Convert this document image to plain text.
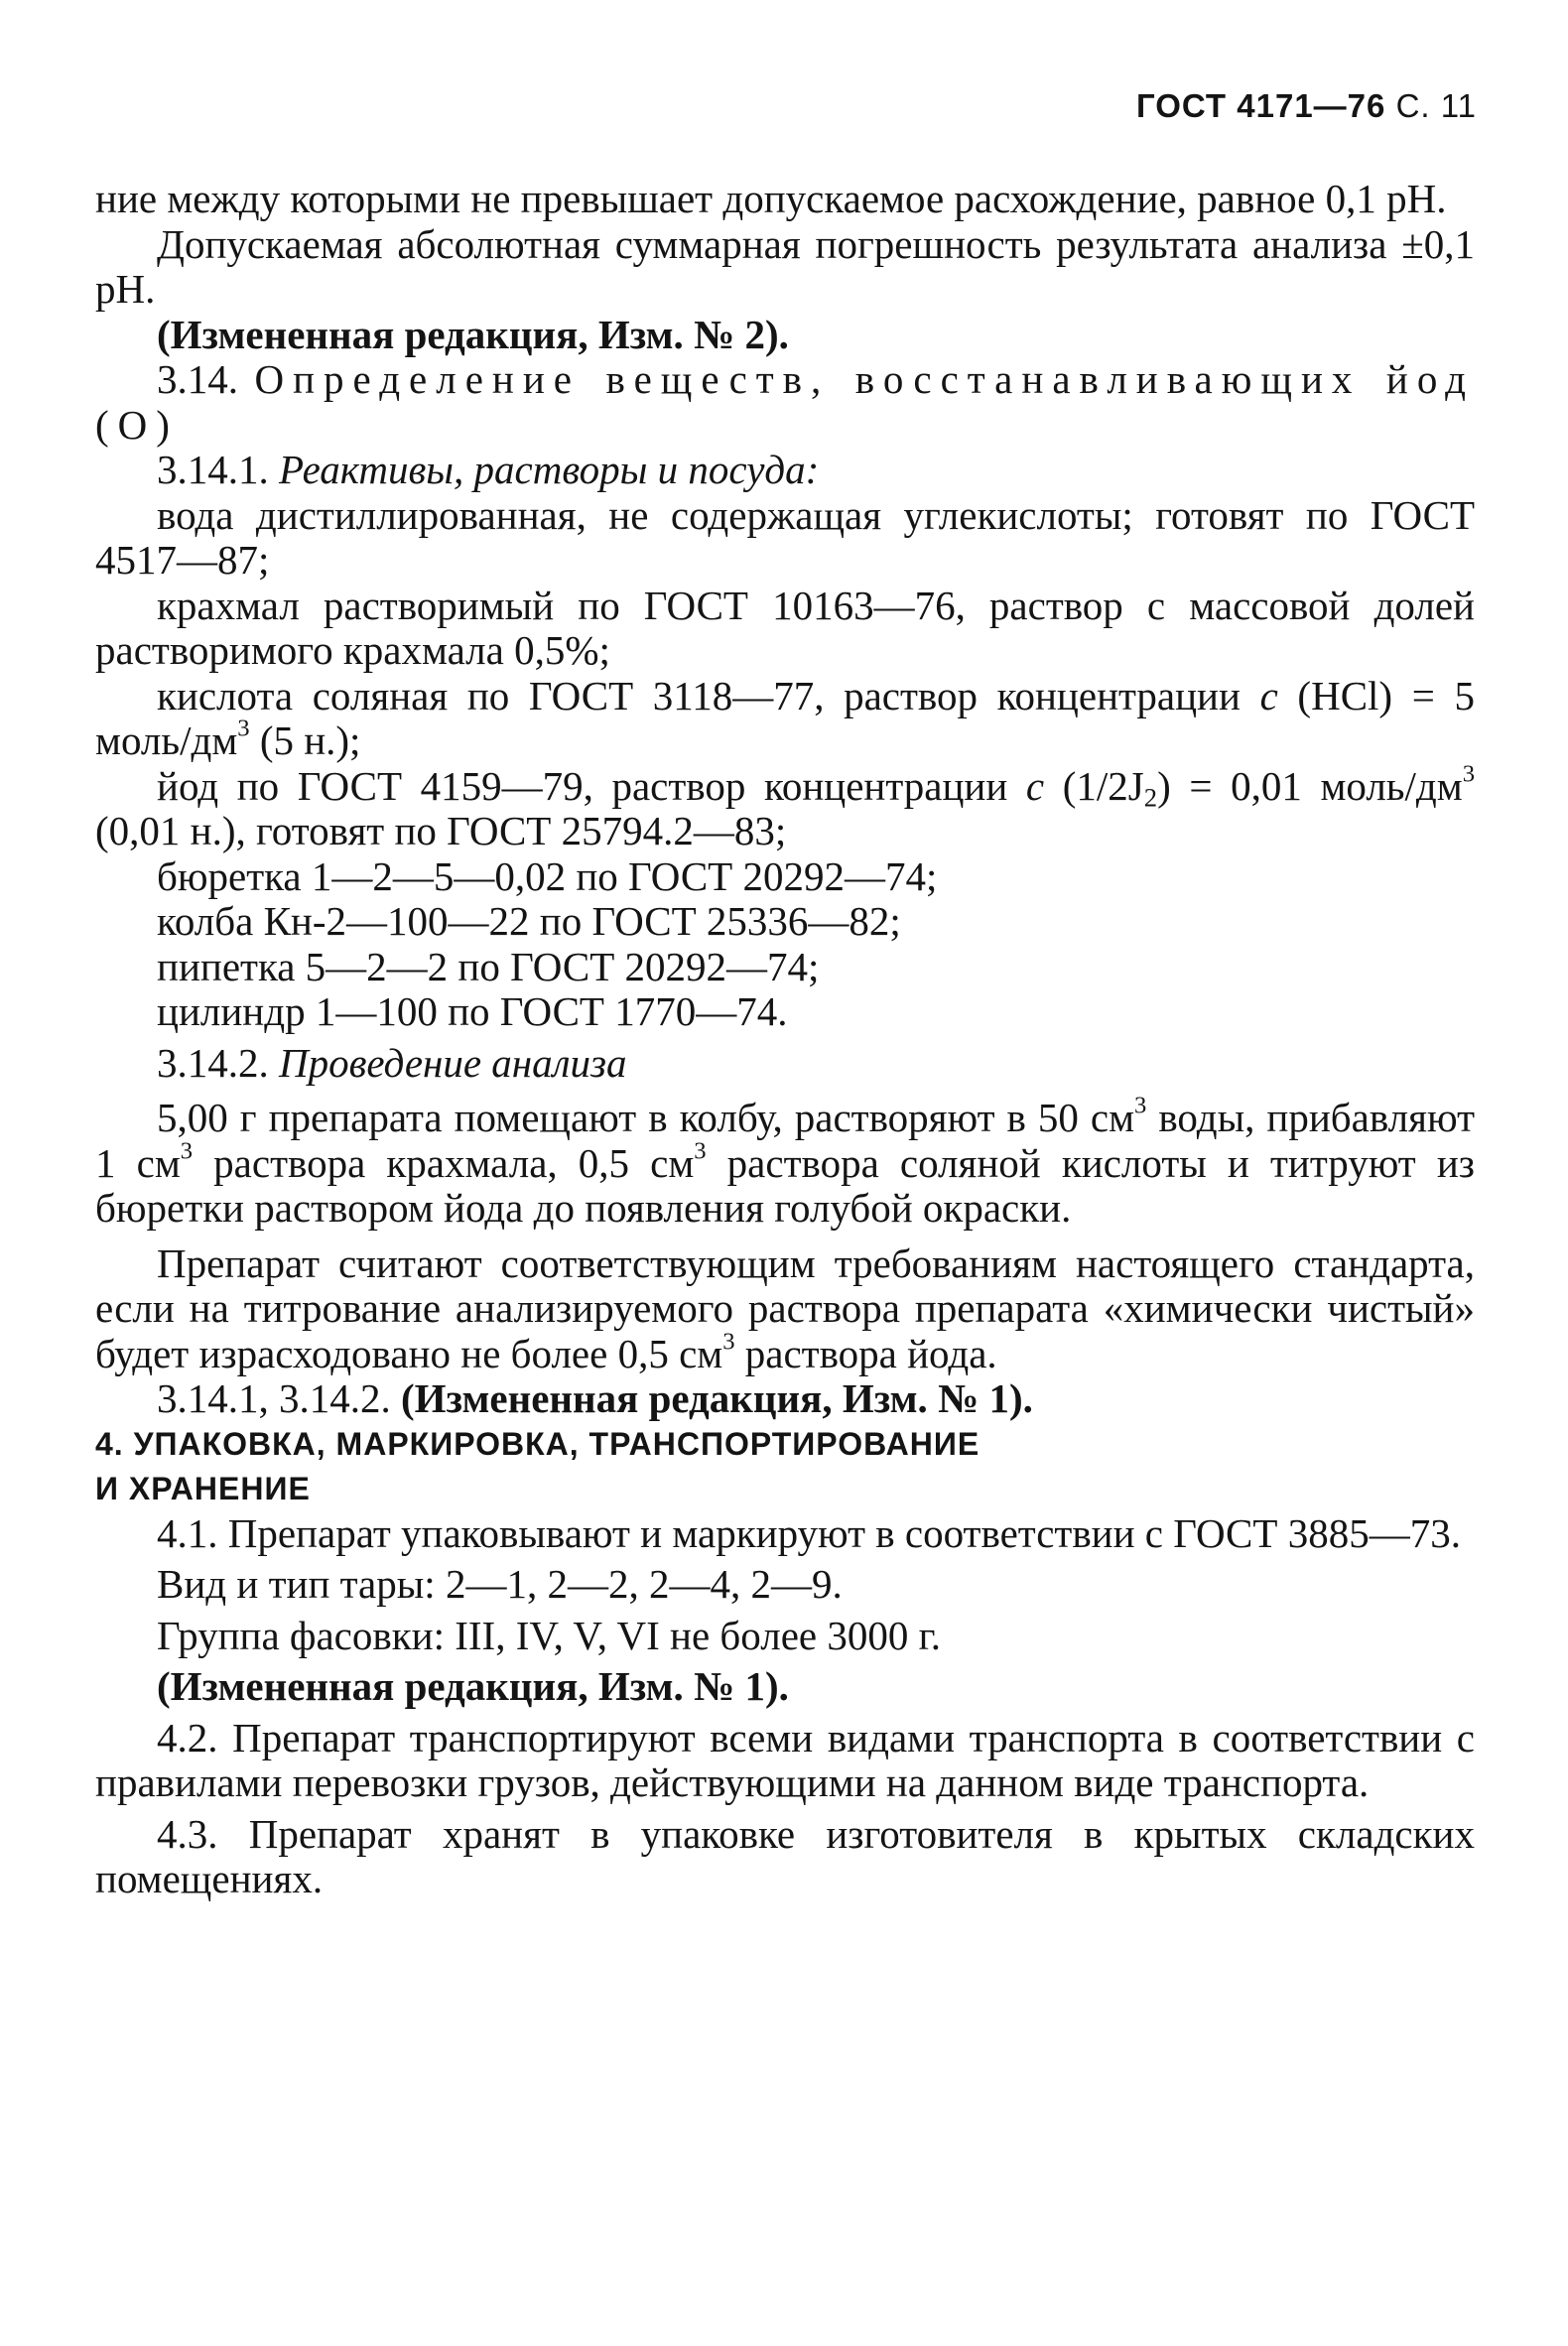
ГОСТ 4171—76 С. 11

ние между которыми не превышает допускаемое расхождение, равное 0,1 pH.

Допускаемая абсолютная суммарная погрешность результата анализа ±0,1 pH.

(Измененная редакция, Изм. № 2).

3.14. Определение веществ, восстанавливающих йод (О)

3.14.1. Реактивы, растворы и посуда:

вода дистиллированная, не содержащая углекислоты; готовят по ГОСТ 4517—87;

крахмал растворимый по ГОСТ 10163—76, раствор с массовой долей растворимого крахмала 0,5%;

кислота соляная по ГОСТ 3118—77, раствор концентрации с (HCl) = 5 моль/$дм^3$ (5 н.);

йод по ГОСТ 4159—79, раствор концентрации с $(1/2J_2) = 0,01$ моль/$дм^3$ (0,01 н.), готовят по ГОСТ 25794.2—83;

бюретка 1—2—5—0,02 по ГОСТ 20292—74;

колба Кн-2—100—22 по ГОСТ 25336—82;

пипетка 5—2—2 по ГОСТ 20292—74;

цилиндр 1—100 по ГОСТ 1770—74.

3.14.2. Проведение анализа

5,00 г препарата помещают в колбу, растворяют в 50 $см^3$ воды, прибавляют 1 $см^3$ раствора крахмала, 0,5 $см^3$ раствора соляной кислоты и титруют из бюретки раствором йода до появления голубой окраски.

Препарат считают соответствующим требованиям настоящего стандарта, если на титрование анализируемого раствора препарата «химически чистый» будет израсходовано не более 0,5 $см^3$ раствора йода.

3.14.1, 3.14.2. (Измененная редакция, Изм. № 1).

4. УПАКОВКА, МАРКИРОВКА, ТРАНСПОРТИРОВАНИЕ
И ХРАНЕНИЕ

4.1. Препарат упаковывают и маркируют в соответствии с ГОСТ 3885—73.

Вид и тип тары: 2—1, 2—2, 2—4, 2—9.

Группа фасовки: III, IV, V, VI не более 3000 г.

(Измененная редакция, Изм. № 1).

4.2. Препарат транспортируют всеми видами транспорта в соответствии с правилами перевозки грузов, действующими на данном виде транспорта.

4.3. Препарат хранят в упаковке изготовителя в крытых складских помещениях.
